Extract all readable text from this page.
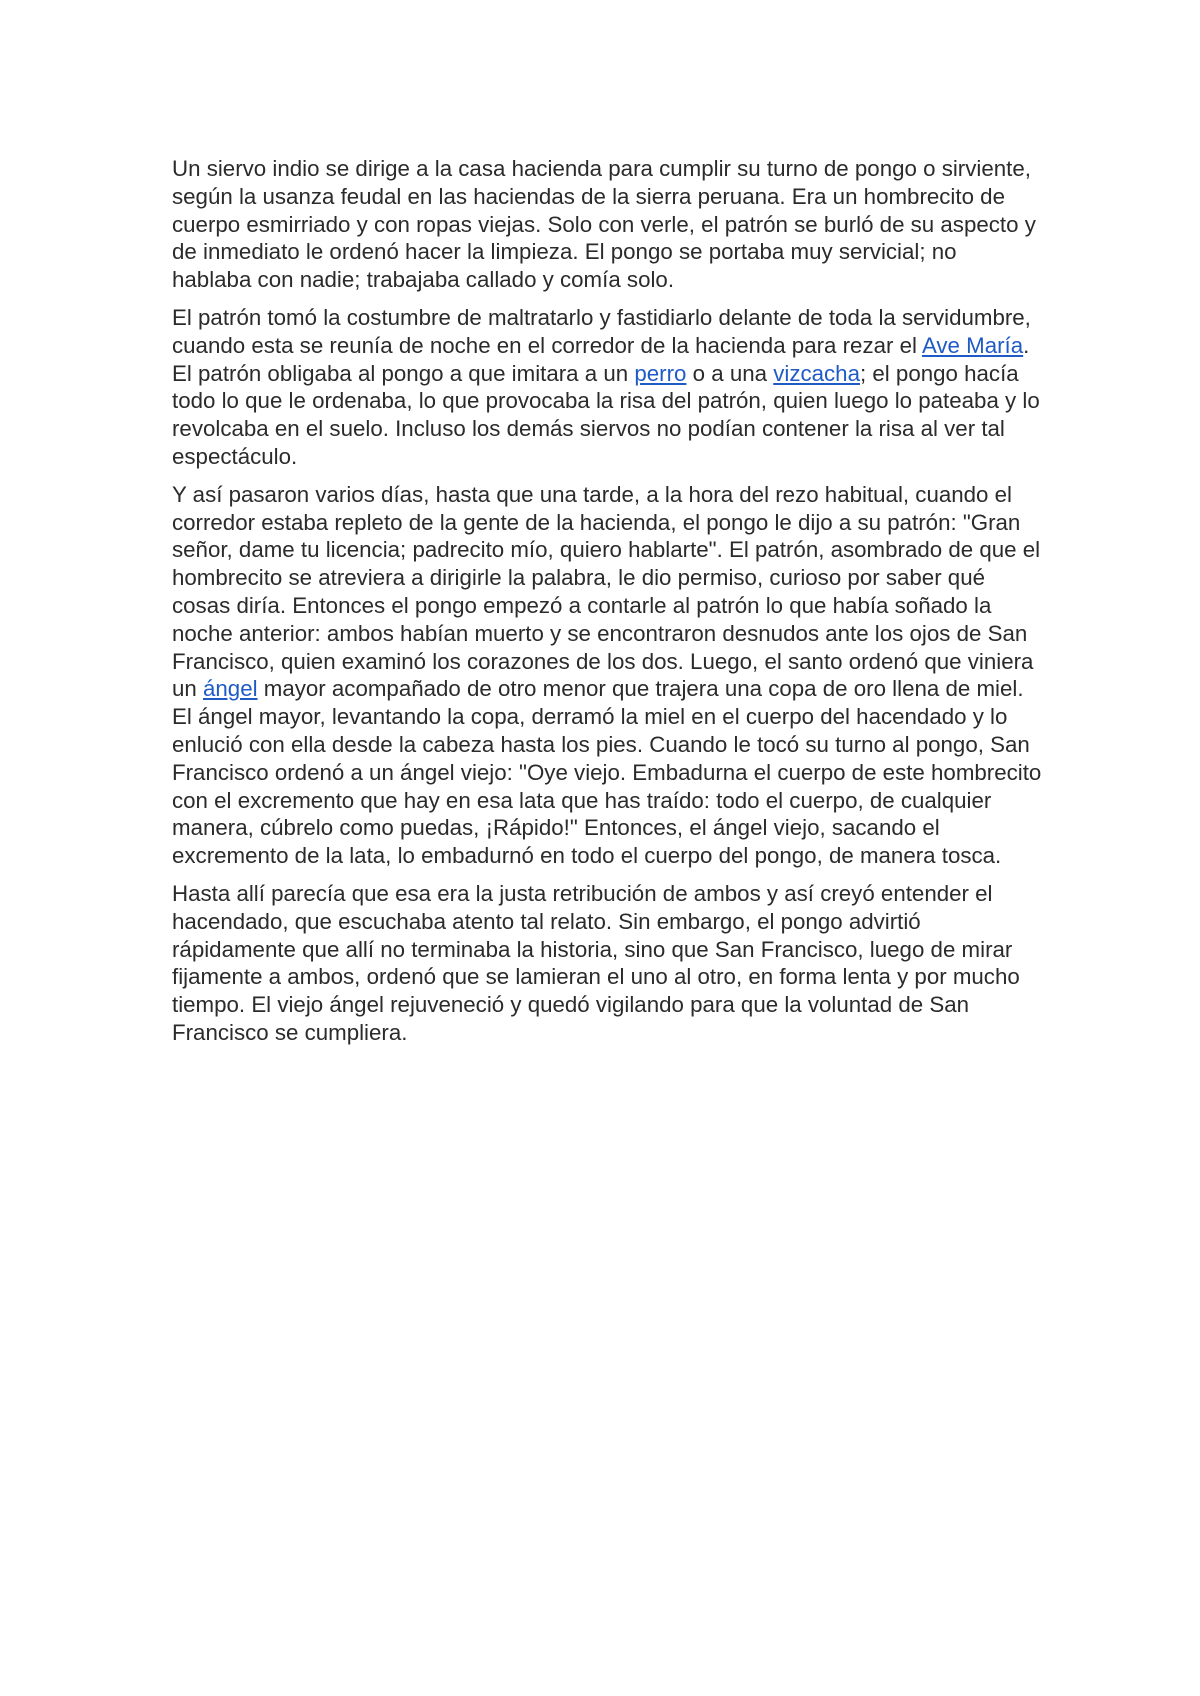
Un siervo indio se dirige a la casa hacienda para cumplir su turno de pongo o sirviente, según la usanza feudal en las haciendas de la sierra peruana. Era un hombrecito de cuerpo esmirriado y con ropas viejas. Solo con verle, el patrón se burló de su aspecto y de inmediato le ordenó hacer la limpieza. El pongo se portaba muy servicial; no hablaba con nadie; trabajaba callado y comía solo.

El patrón tomó la costumbre de maltratarlo y fastidiarlo delante de toda la servidumbre, cuando esta se reunía de noche en el corredor de la hacienda para rezar el Ave María. El patrón obligaba al pongo a que imitara a un perro o a una vizcacha; el pongo hacía todo lo que le ordenaba, lo que provocaba la risa del patrón, quien luego lo pateaba y lo revolcaba en el suelo. Incluso los demás siervos no podían contener la risa al ver tal espectáculo.

Y así pasaron varios días, hasta que una tarde, a la hora del rezo habitual, cuando el corredor estaba repleto de la gente de la hacienda, el pongo le dijo a su patrón: "Gran señor, dame tu licencia; padrecito mío, quiero hablarte". El patrón, asombrado de que el hombrecito se atreviera a dirigirle la palabra, le dio permiso, curioso por saber qué cosas diría. Entonces el pongo empezó a contarle al patrón lo que había soñado la noche anterior: ambos habían muerto y se encontraron desnudos ante los ojos de San Francisco, quien examinó los corazones de los dos. Luego, el santo ordenó que viniera un ángel mayor acompañado de otro menor que trajera una copa de oro llena de miel. El ángel mayor, levantando la copa, derramó la miel en el cuerpo del hacendado y lo enlució con ella desde la cabeza hasta los pies. Cuando le tocó su turno al pongo, San Francisco ordenó a un ángel viejo: "Oye viejo. Embadurna el cuerpo de este hombrecito con el excremento que hay en esa lata que has traído: todo el cuerpo, de cualquier manera, cúbrelo como puedas, ¡Rápido!" Entonces, el ángel viejo, sacando el excremento de la lata, lo embadurnó en todo el cuerpo del pongo, de manera tosca.

Hasta allí parecía que esa era la justa retribución de ambos y así creyó entender el hacendado, que escuchaba atento tal relato. Sin embargo, el pongo advirtió rápidamente que allí no terminaba la historia, sino que San Francisco, luego de mirar fijamente a ambos, ordenó que se lamieran el uno al otro, en forma lenta y por mucho tiempo. El viejo ángel rejuveneció y quedó vigilando para que la voluntad de San Francisco se cumpliera.
